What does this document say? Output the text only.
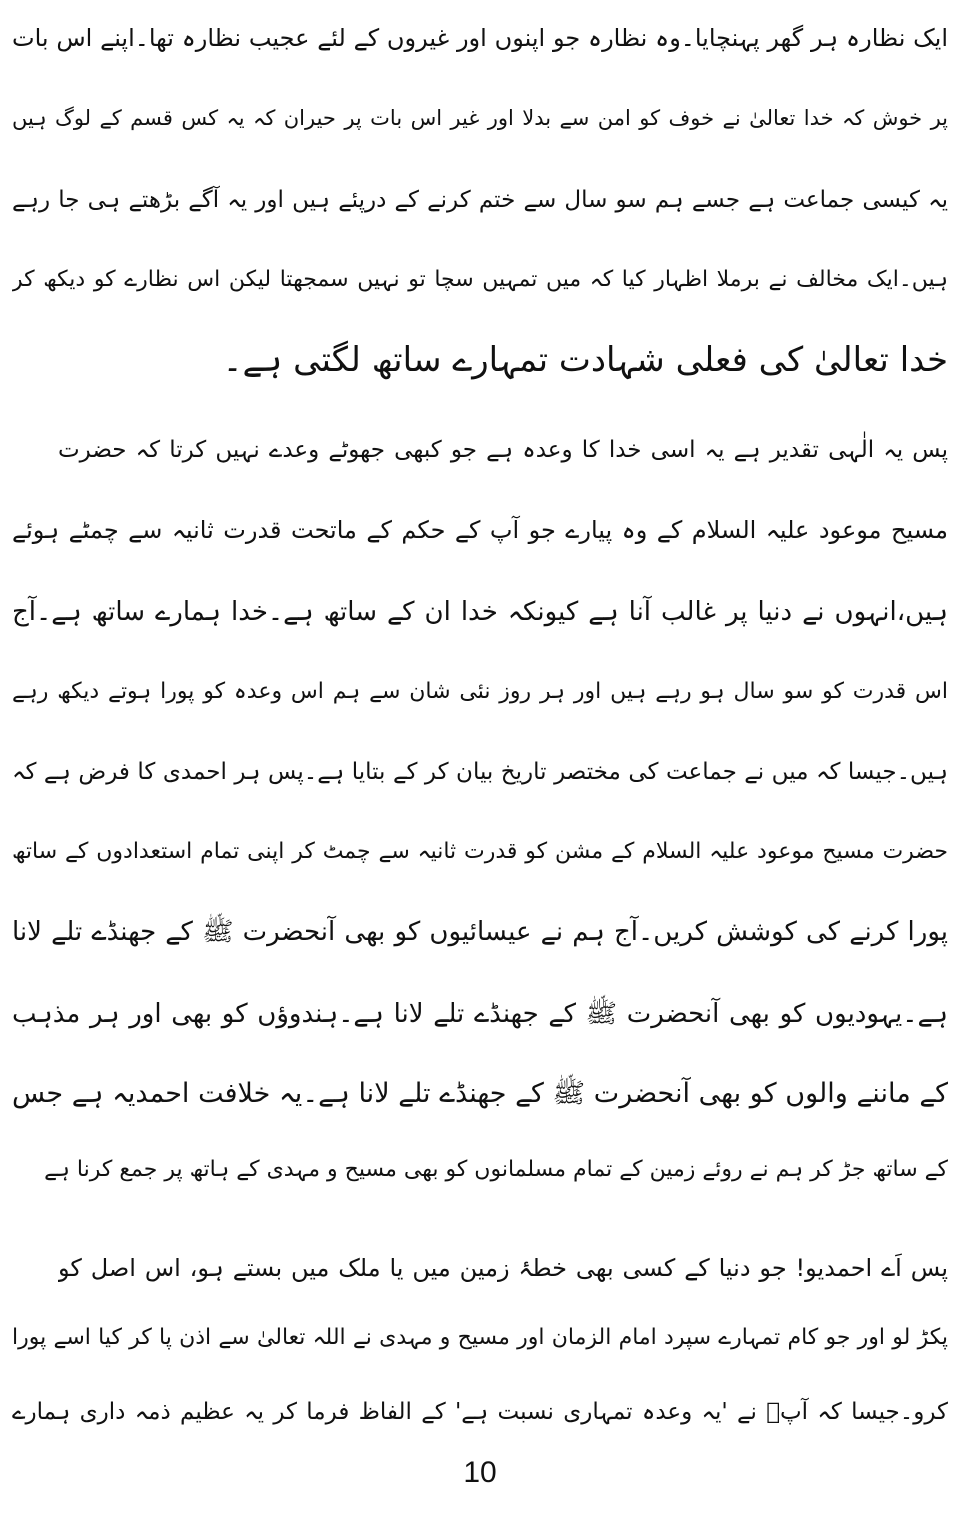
ایک نظارہ ہر گھر پہنچایا۔وہ نظارہ جو اپنوں اور غیروں کے لئے عجیب نظارہ تھا۔اپنے اس بات
پر خوش کہ خدا تعالیٰ نے خوف کو امن سے بدلا اور غیر اس بات پر حیران کہ یہ کس قسم کے لوگ ہیں
یہ کیسی جماعت ہے جسے ہم سو سال سے ختم کرنے کے درپئے ہیں اور یہ آگے بڑھتے ہی جا رہے
ہیں۔ایک مخالف نے برملا اظہار کیا کہ میں تمہیں سچا تو نہیں سمجھتا لیکن اس نظارے کو دیکھ کر
خدا تعالیٰ کی فعلی شہادت تمہارے ساتھ لگتی ہے۔
پس یہ الٰہی تقدیر ہے یہ اسی خدا کا وعدہ ہے جو کبھی جھوٹے وعدے نہیں کرتا کہ حضرت
مسیح موعود علیہ السلام کے وہ پیارے جو آپ کے حکم کے ماتحت قدرت ثانیہ سے چمٹے ہوئے
ہیں،انہوں نے دنیا پر غالب آنا ہے کیونکہ خدا ان کے ساتھ ہے۔خدا ہمارے ساتھ ہے۔آج
اس قدرت کو سو سال ہو رہے ہیں اور ہر روز نئی شان سے ہم اس وعدہ کو پورا ہوتے دیکھ رہے
ہیں۔جیسا کہ میں نے جماعت کی مختصر تاریخ بیان کر کے بتایا ہے۔پس ہر احمدی کا فرض ہے کہ
حضرت مسیح موعود علیہ السلام کے مشن کو قدرت ثانیہ سے چمٹ کر اپنی تمام استعدادوں کے ساتھ
پورا کرنے کی کوشش کریں۔آج ہم نے عیسائیوں کو بھی آنحضرت ﷺ کے جھنڈے تلے لانا
ہے۔یہودیوں کو بھی آنحضرت ﷺ کے جھنڈے تلے لانا ہے۔ہندوؤں کو بھی اور ہر مذہب
کے ماننے والوں کو بھی آنحضرت ﷺ کے جھنڈے تلے لانا ہے۔یہ خلافت احمدیہ ہے جس
کے ساتھ جڑ کر ہم نے روئے زمین کے تمام مسلمانوں کو بھی مسیح و مہدی کے ہاتھ پر جمع کرنا ہے
پس اَے احمدیو! جو دنیا کے کسی بھی خطۂ زمین میں یا ملک میں بستے ہو، اس اصل کو
پکڑ لو اور جو کام تمہارے سپرد امام الزمان اور مسیح و مہدی نے اللہ تعالیٰ سے اذن پا کر کیا اسے پورا
کرو۔جیسا کہ آپؑ نے 'یہ وعدہ تمہاری نسبت ہے' کے الفاظ فرما کر یہ عظیم ذمہ داری ہمارے
10
